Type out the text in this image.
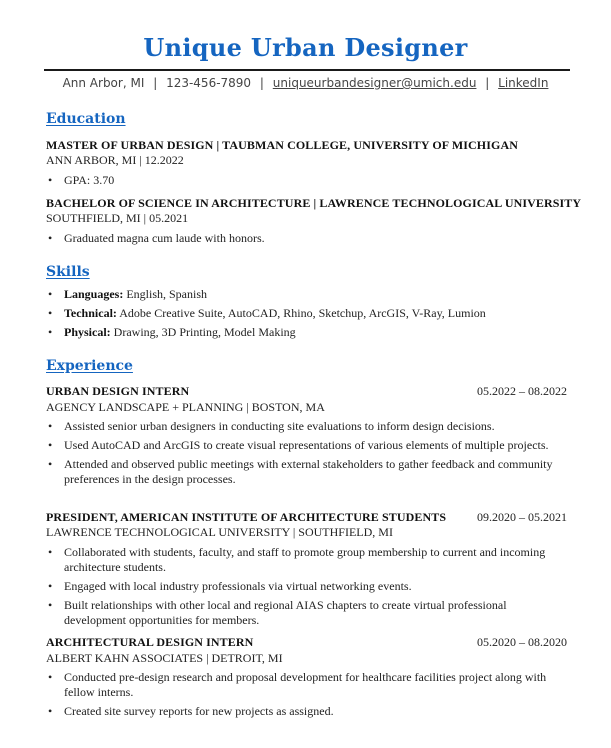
Unique Urban Designer
Ann Arbor, MI | 123-456-7890 | uniqueurbandesigner@umich.edu | LinkedIn
Education
MASTER OF URBAN DESIGN | TAUBMAN COLLEGE, UNIVERSITY OF MICHIGAN
ANN ARBOR, MI | 12.2022
• GPA: 3.70
BACHELOR OF SCIENCE IN ARCHITECTURE | LAWRENCE TECHNOLOGICAL UNIVERSITY
SOUTHFIELD, MI | 05.2021
• Graduated magna cum laude with honors.
Skills
• Languages: English, Spanish
• Technical: Adobe Creative Suite, AutoCAD, Rhino, Sketchup, ArcGIS, V-Ray, Lumion
• Physical: Drawing, 3D Printing, Model Making
Experience
URBAN DESIGN INTERN	05.2022 – 08.2022
AGENCY LANDSCAPE + PLANNING | BOSTON, MA
• Assisted senior urban designers in conducting site evaluations to inform design decisions.
• Used AutoCAD and ArcGIS to create visual representations of various elements of multiple projects.
• Attended and observed public meetings with external stakeholders to gather feedback and community preferences in the design processes.
PRESIDENT, AMERICAN INSTITUTE OF ARCHITECTURE STUDENTS	09.2020 – 05.2021
LAWRENCE TECHNOLOGICAL UNIVERSITY | SOUTHFIELD, MI
• Collaborated with students, faculty, and staff to promote group membership to current and incoming architecture students.
• Engaged with local industry professionals via virtual networking events.
• Built relationships with other local and regional AIAS chapters to create virtual professional development opportunities for members.
ARCHITECTURAL DESIGN INTERN	05.2020 – 08.2020
ALBERT KAHN ASSOCIATES | DETROIT, MI
• Conducted pre-design research and proposal development for healthcare facilities project along with fellow interns.
• Created site survey reports for new projects as assigned.
